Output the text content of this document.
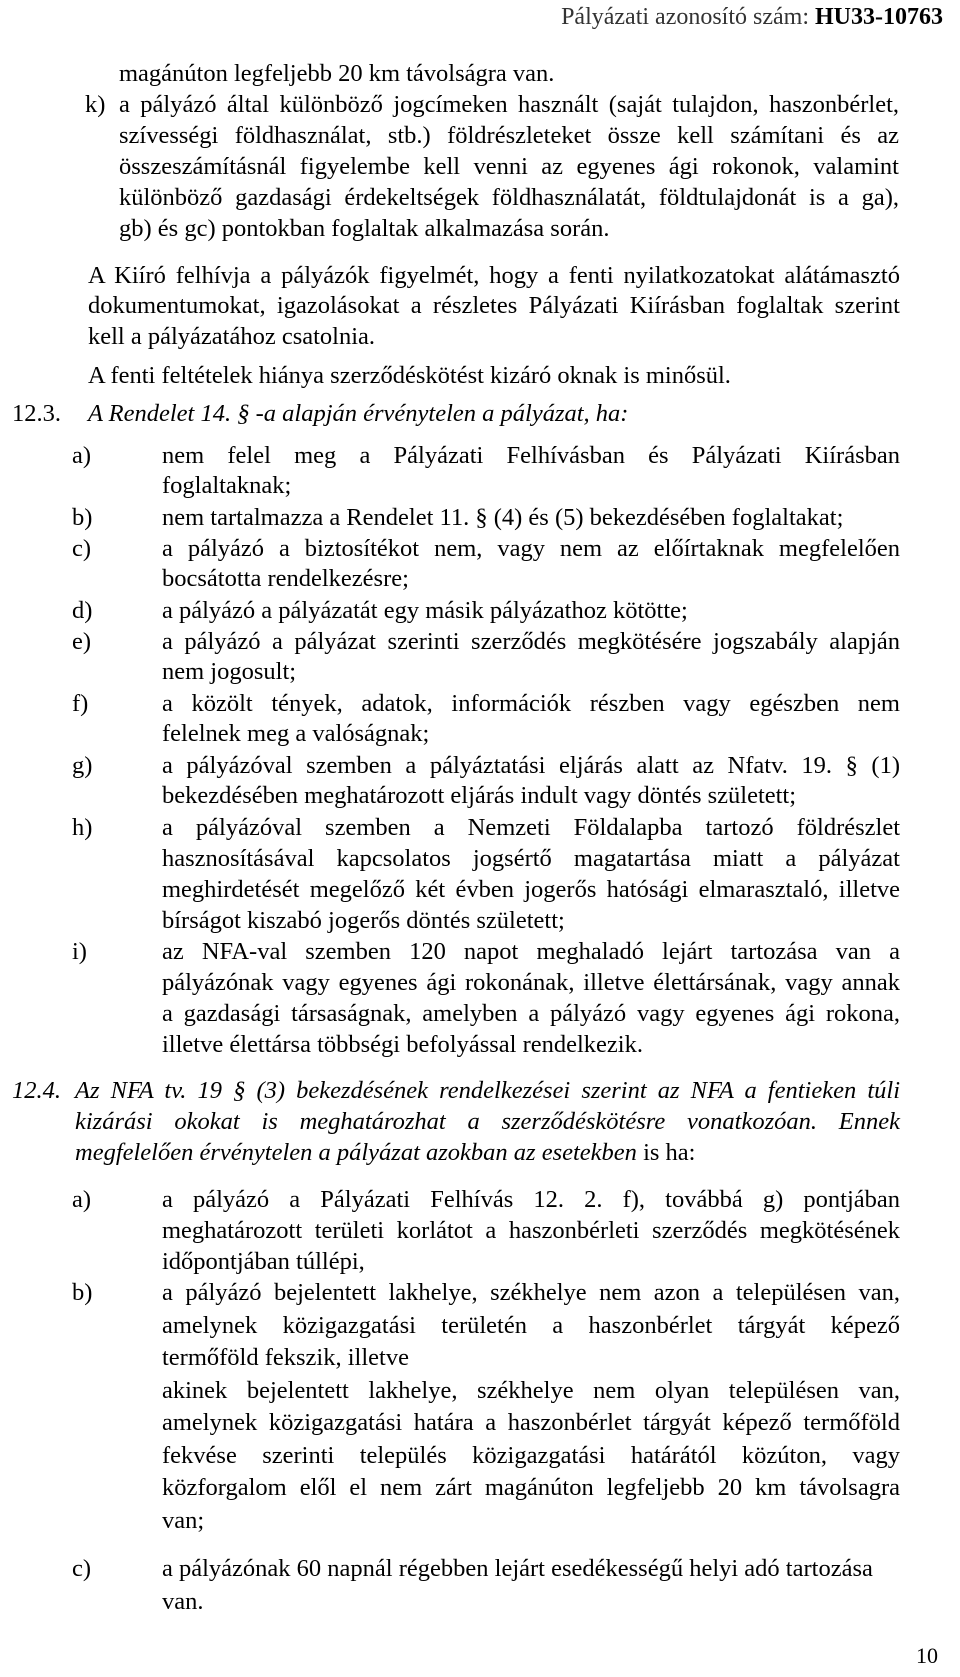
Pályázati azonosító szám: HU33-10763
magánúton legfeljebb 20 km távolságra van.
k) a pályázó által különböző jogcímeken használt (saját tulajdon, haszonbérlet,
szívességi földhasználat, stb.) földrészleteket össze kell számítani és az
összeszámításnál figyelembe kell venni az egyenes ági rokonok, valamint
különböző gazdasági érdekeltségek földhasználatát, földtulajdonát is a ga),
gb) és gc) pontokban foglaltak alkalmazása során.
A Kiíró felhívja a pályázók figyelmét, hogy a fenti nyilatkozatokat alátámasztó
dokumentumokat, igazolásokat a részletes Pályázati Kiírásban foglaltak szerint
kell a pályázatához csatolnia.
A fenti feltételek hiánya szerződéskötést kizáró oknak is minősül.
12.3. A Rendelet 14. § -a alapján érvénytelen a pályázat, ha:
a)	nem felel meg a Pályázati Felhívásban és Pályázati Kiírásban
foglaltaknak;
b)	nem tartalmazza a Rendelet 11. § (4) és (5) bekezdésében foglaltakat;
c)	a pályázó a biztosítékot nem, vagy nem az előírtaknak megfelelően
bocsátotta rendelkezésre;
d)	a pályázó a pályázatát egy másik pályázathoz kötötte;
e)	a pályázó a pályázat szerinti szerződés megkötésére jogszabály alapján
nem jogosult;
f)	a közölt tények, adatok, információk részben vagy egészben nem
felelnek meg a valóságnak;
g)	a pályázóval szemben a pályáztatási eljárás alatt az Nfatv. 19. § (1)
bekezdésében meghatározott eljárás indult vagy döntés született;
h)	a pályázóval szemben a Nemzeti Földalapba tartozó földrészlet
hasznosításával kapcsolatos jogsértő magatartása miatt a pályázat
meghirdetését megelőző két évben jogerős hatósági elmarasztaló, illetve
bírságot kiszabó jogerős döntés született;
i)	az NFA-val szemben 120 napot meghaladó lejárt tartozása van a
pályázónak vagy egyenes ági rokonának, illetve élettársának, vagy annak
a gazdasági társaságnak, amelyben a pályázó vagy egyenes ági rokona,
illetve élettársa többségi befolyással rendelkezik.
12.4. Az NFA tv. 19 § (3) bekezdésének rendelkezései szerint az NFA a fentieken túli
kizárási okokat is meghatározhat a szerződéskötésre vonatkozóan. Ennek
megfelelően érvénytelen a pályázat azokban az esetekben is ha:
a)	a pályázó a Pályázati Felhívás 12. 2. f), továbbá g) pontjában
meghatározott területi korlátot a haszonbérleti szerződés megkötésének
időpontjában túllépi,
b)	a pályázó bejelentett lakhelye, székhelye nem azon a településen van,
amelynek közigazgatási területén a haszonbérlet tárgyát képező
termőföld fekszik, illetve
akinek bejelentett lakhelye, székhelye nem olyan településen van,
amelynek közigazgatási határa a haszonbérlet tárgyát képező termőföld
fekvése szerinti település közigazgatási határától közúton, vagy
közforgalom elől el nem zárt magánúton legfeljebb 20 km távolsagra
van;
c)	a pályázónak 60 napnál régebben lejárt esedékességű helyi adó tartozása
van.
10
